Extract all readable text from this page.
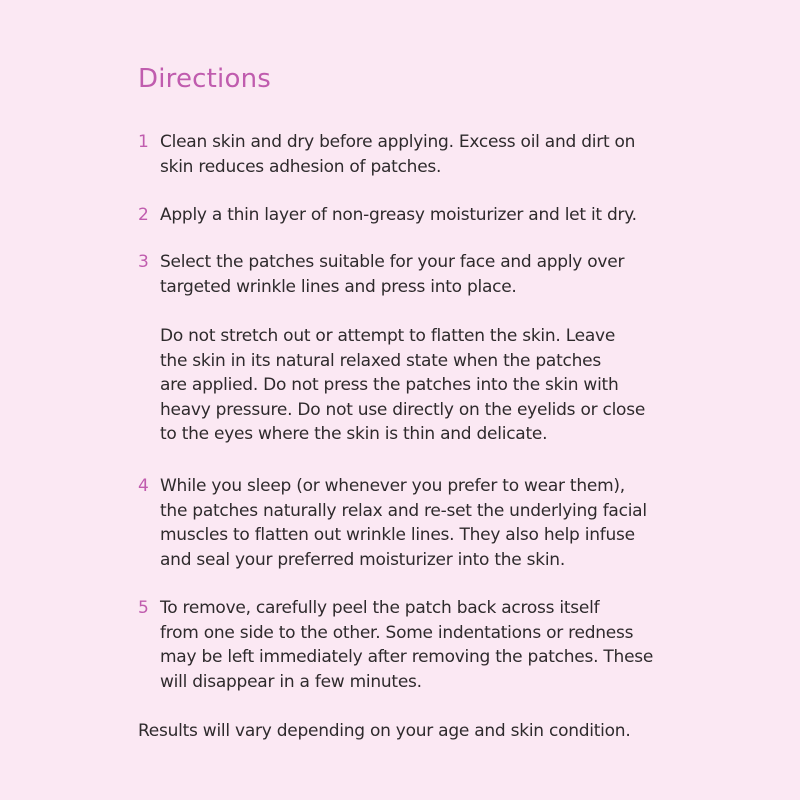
Directions
1 Clean skin and dry before applying. Excess oil and dirt on
skin reduces adhesion of patches.

2 Apply a thin layer of non-greasy moisturizer and let it dry.

3 Select the patches suitable for your face and apply over
targeted wrinkle lines and press into place.

Do not stretch out or attempt to flatten the skin. Leave
the skin in its natural relaxed state when the patches
are applied. Do not press the patches into the skin with
heavy pressure. Do not use directly on the eyelids or close
to the eyes where the skin is thin and delicate.

4 While you sleep (or whenever you prefer to wear them),
the patches naturally relax and re-set the underlying facial
muscles to flatten out wrinkle lines. They also help infuse
and seal your preferred moisturizer into the skin.

5 To remove, carefully peel the patch back across itself
from one side to the other. Some indentations or redness
may be left immediately after removing the patches. These
will disappear in a few minutes.

Results will vary depending on your age and skin condition.
